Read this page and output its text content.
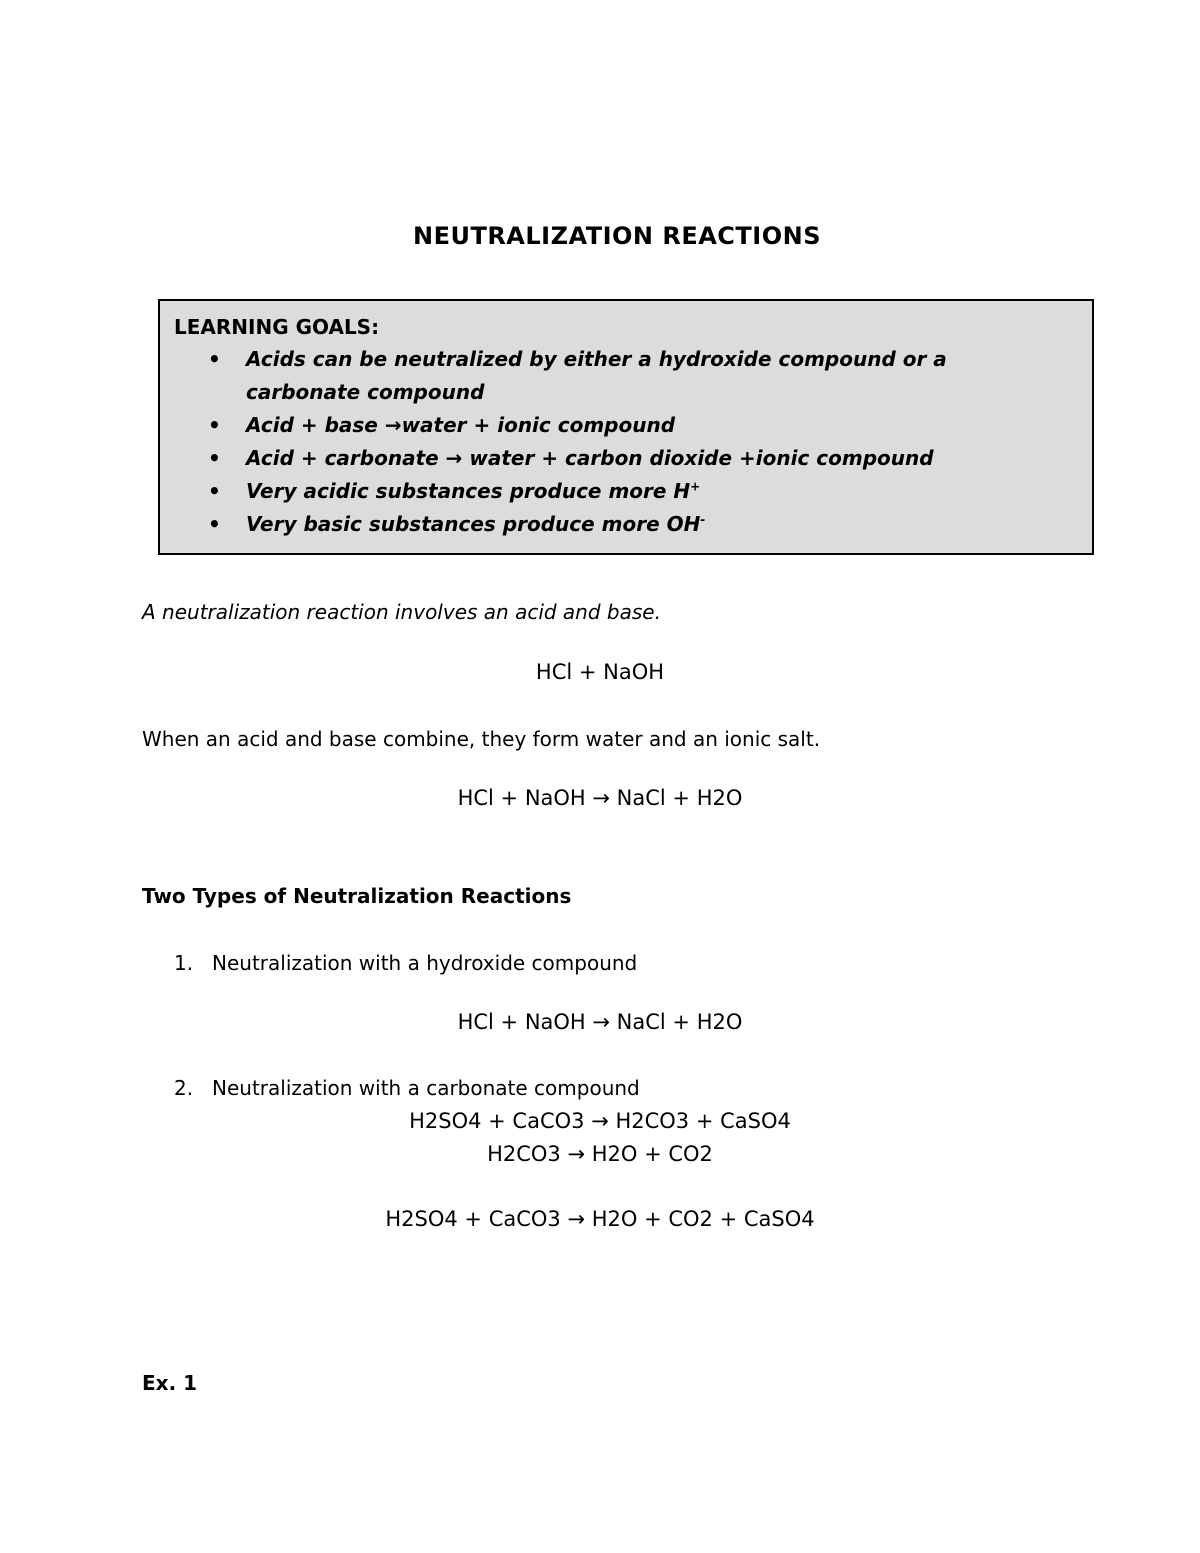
NEUTRALIZATION REACTIONS
LEARNING GOALS:
• Acids can be neutralized by either a hydroxide compound or a carbonate compound
• Acid + base →water + ionic compound
• Acid + carbonate → water + carbon dioxide +ionic compound
• Very acidic substances produce more H+
• Very basic substances produce more OH-
A neutralization reaction involves an acid and base.
HCl + NaOH
When an acid and base combine, they form water and an ionic salt.
HCl + NaOH → NaCl + H2O
Two Types of Neutralization Reactions
1. Neutralization with a hydroxide compound
HCl + NaOH → NaCl + H2O
2. Neutralization with a carbonate compound
H2SO4 + CaCO3 → H2CO3 + CaSO4
H2CO3 → H2O + CO2
H2SO4 + CaCO3 → H2O + CO2 + CaSO4
Ex. 1
